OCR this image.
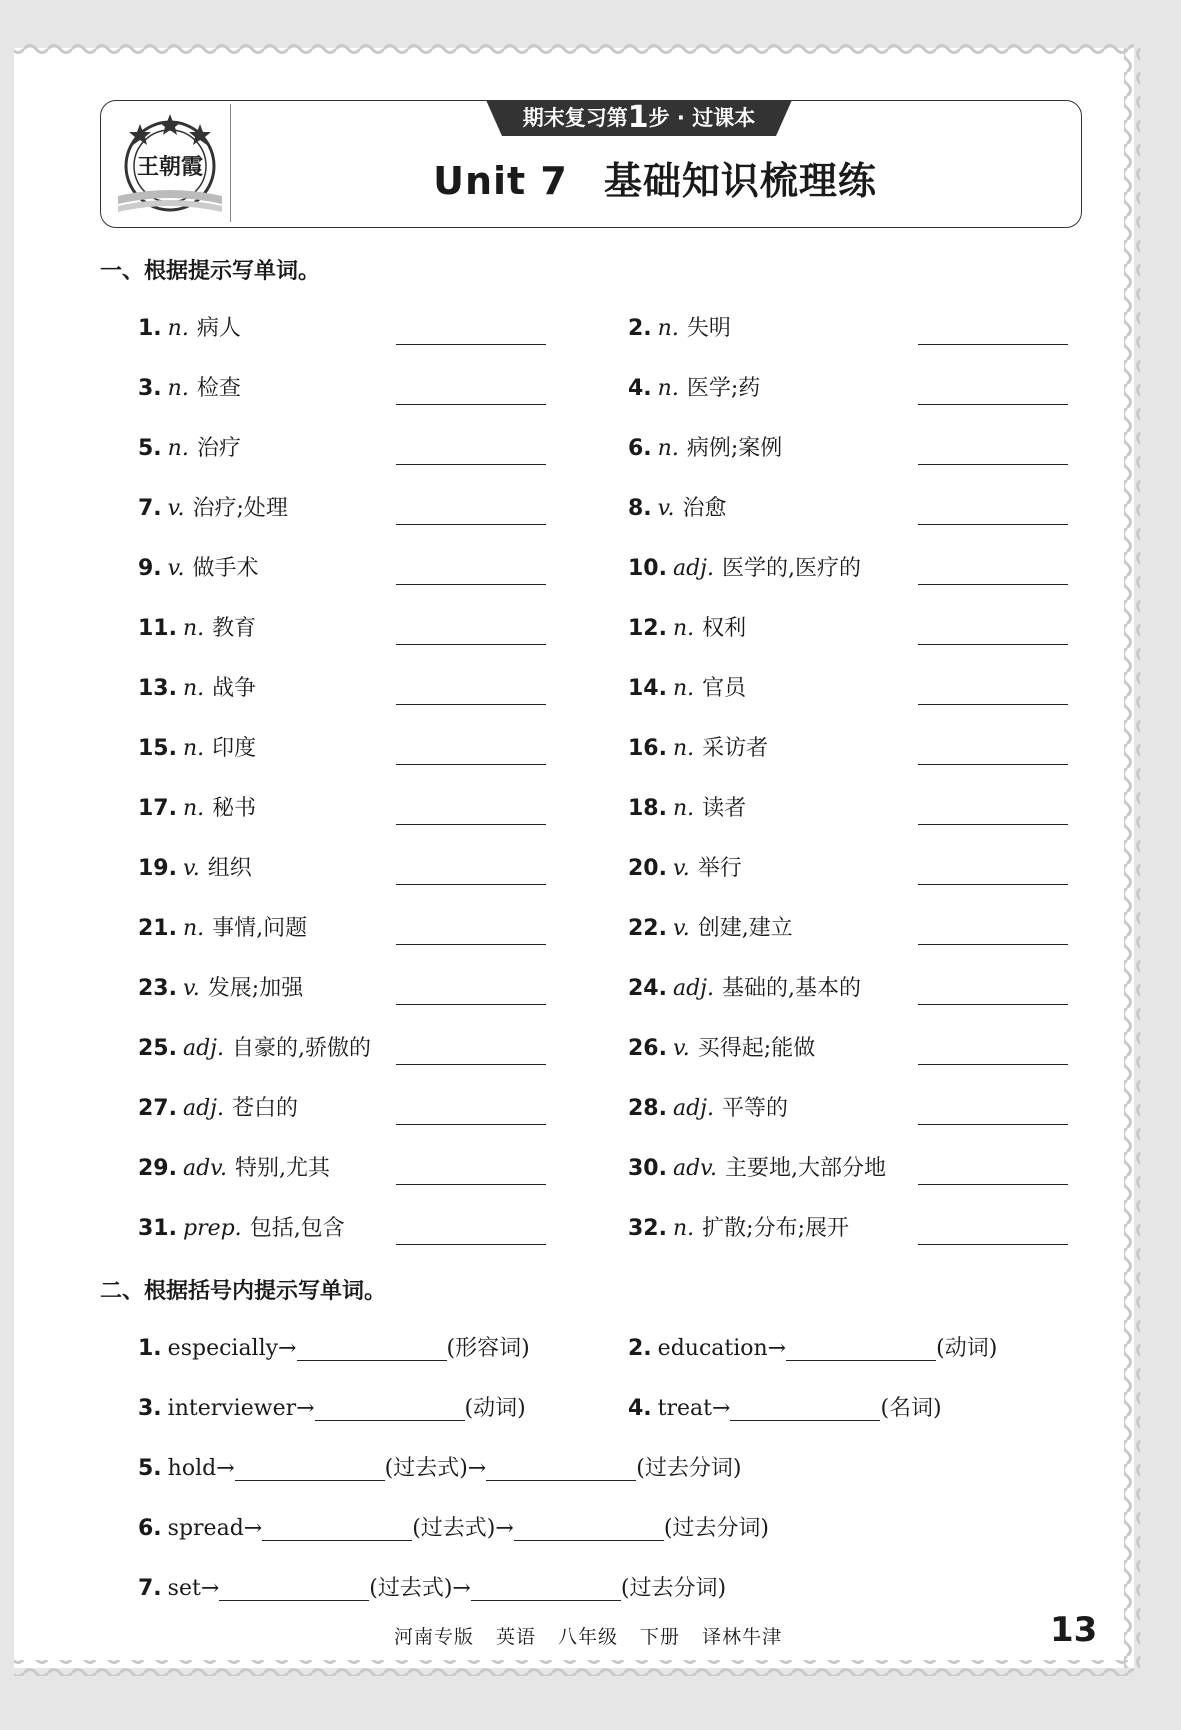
王朝霞
期末复习第1步 · 过课本
Unit 7 基础知识梳理练
一、根据提示写单词。
1. n. 病人	2. n. 失明
3. n. 检查	4. n. 医学;药
5. n. 治疗	6. n. 病例;案例
7. v. 治疗;处理	8. v. 治愈
9. v. 做手术	10. adj. 医学的,医疗的
11. n. 教育	12. n. 权利
13. n. 战争	14. n. 官员
15. n. 印度	16. n. 采访者
17. n. 秘书	18. n. 读者
19. v. 组织	20. v. 举行
21. n. 事情,问题	22. v. 创建,建立
23. v. 发展;加强	24. adj. 基础的,基本的
25. adj. 自豪的,骄傲的	26. v. 买得起;能做
27. adj. 苍白的	28. adj. 平等的
29. adv. 特别,尤其	30. adv. 主要地,大部分地
31. prep. 包括,包含	32. n. 扩散;分布;展开
二、根据括号内提示写单词。
1. especially→	(形容词)	2. education→	(动词)
3. interviewer→	(动词)	4. treat→	(名词)
5. hold→	(过去式)→	(过去分词)
6. spread→	(过去式)→	(过去分词)
7. set→	(过去式)→	(过去分词)
河南专版 英语 八年级 下册 译林牛津	13
